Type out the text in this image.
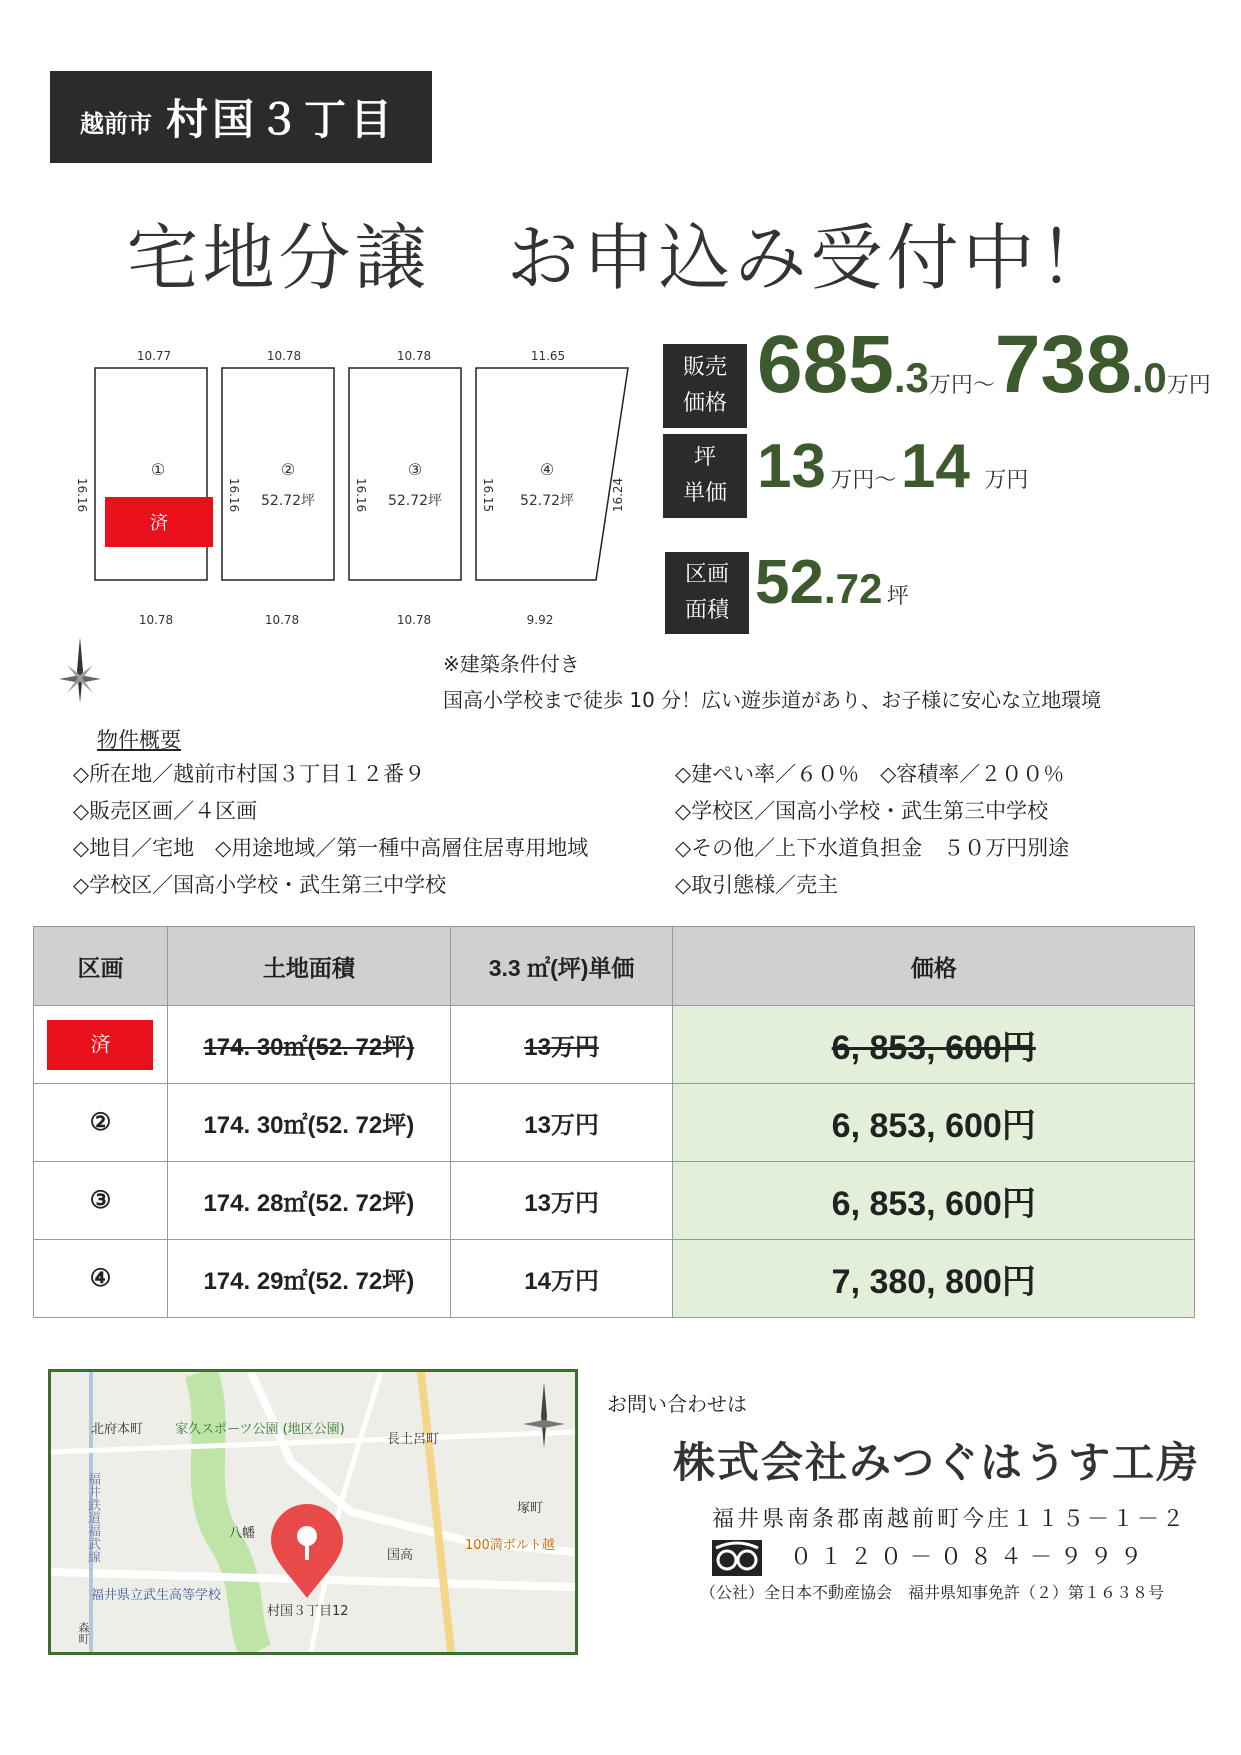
越前市 村国３丁目
宅地分譲　お申込み受付中！
10.77	10.78	10.78	11.65
10.78	10.78	10.78	9.92
16.16	16.16	16.16	16.15	16.24
①	②	③	④
52.72坪	52.72坪	52.72坪
済
販売
価格 685.3万円～738.0万円
坪
単価 13 万円～ 14 万円
区画
面積 52.72 坪
※建築条件付き
国高小学校まで徒歩 10 分！広い遊歩道があり、お子様に安心な立地環境
物件概要
◇所在地／越前市村国３丁目１２番９
◇販売区画／４区画
◇地目／宅地　◇用途地域／第一種中高層住居専用地域
◇学校区／国高小学校・武生第三中学校
◇建ぺい率／６０％　◇容積率／２００％
◇学校区／国高小学校・武生第三中学校
◇その他／上下水道負担金　５０万円別途
◇取引態様／売主
区画	土地面積	3.3 ㎡(坪)単価	価格
済	174. 30㎡(52. 72坪)	13万円	6, 853, 600円
②	174. 30㎡(52. 72坪)	13万円	6, 853, 600円
③	174. 28㎡(52. 72坪)	13万円	6, 853, 600円
④	174. 29㎡(52. 72坪)	14万円	7, 380, 800円
北府本町 家久スポーツ公園 (地区公園)
長土呂町
塚町
八幡
国高
100満ボルト越
福井県立武生高等学校
村国３丁目12
福井鉄道福武線
森町
お問い合わせは
株式会社みつぐはうす工房
福井県南条郡南越前町今庄１１５－１－２
０１２０－０８４－９９９
（公社）全日本不動産協会　福井県知事免許（２）第１６３８号
